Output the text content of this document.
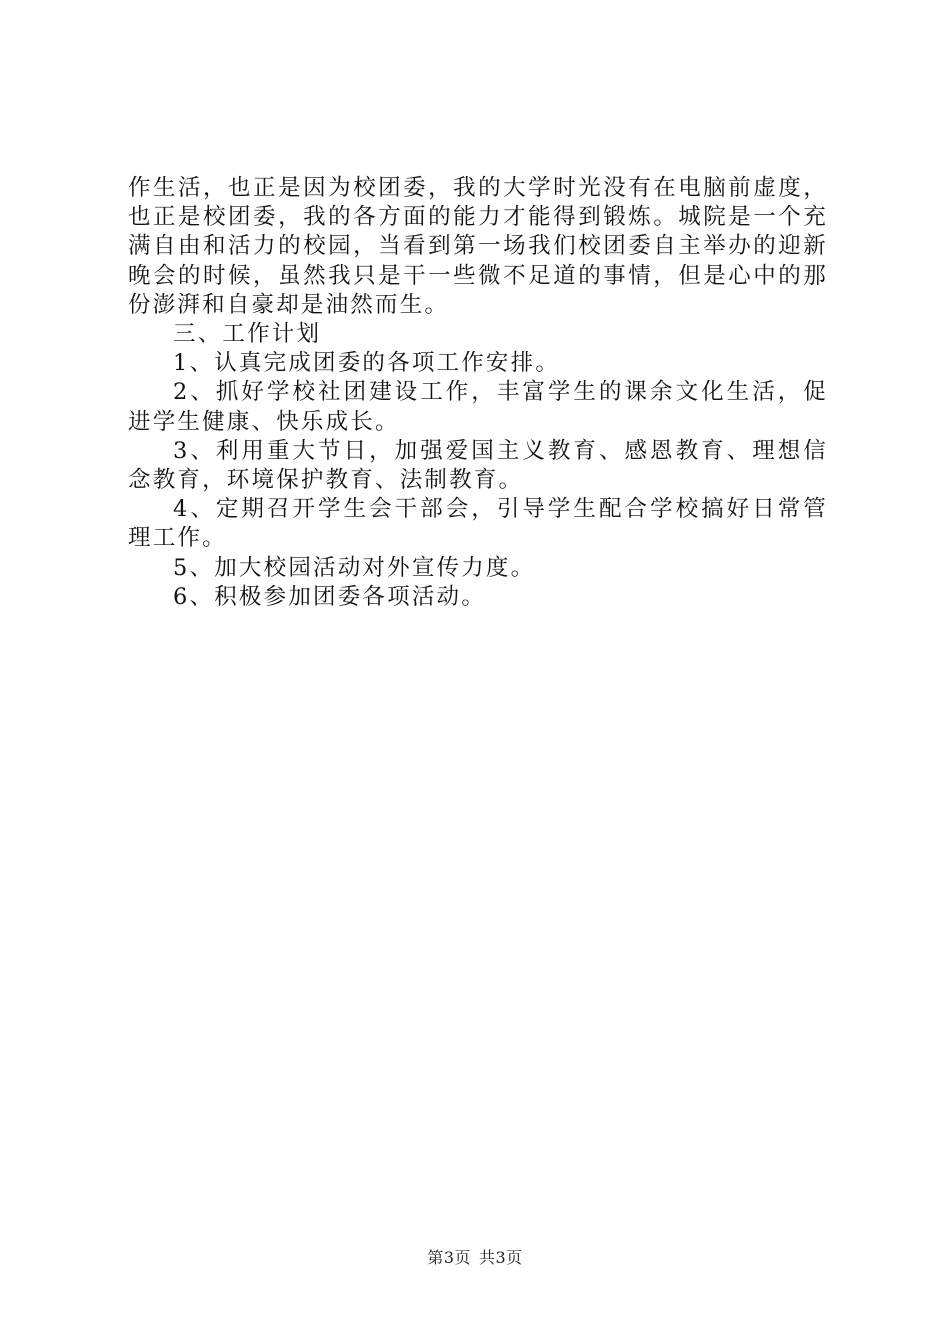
作生活，也正是因为校团委，我的大学时光没有在电脑前虚度，也正是校团委，我的各方面的能力才能得到锻炼。城院是一个充满自由和活力的校园，当看到第一场我们校团委自主举办的迎新晚会的时候，虽然我只是干一些微不足道的事情，但是心中的那份澎湃和自豪却是油然而生。

三、工作计划

1、认真完成团委的各项工作安排。

2、抓好学校社团建设工作，丰富学生的课余文化生活，促进学生健康、快乐成长。

3、利用重大节日，加强爱国主义教育、感恩教育、理想信念教育，环境保护教育、法制教育。

4、定期召开学生会干部会，引导学生配合学校搞好日常管理工作。

5、加大校园活动对外宣传力度。

6、积极参加团委各项活动。

第3页 共3页
